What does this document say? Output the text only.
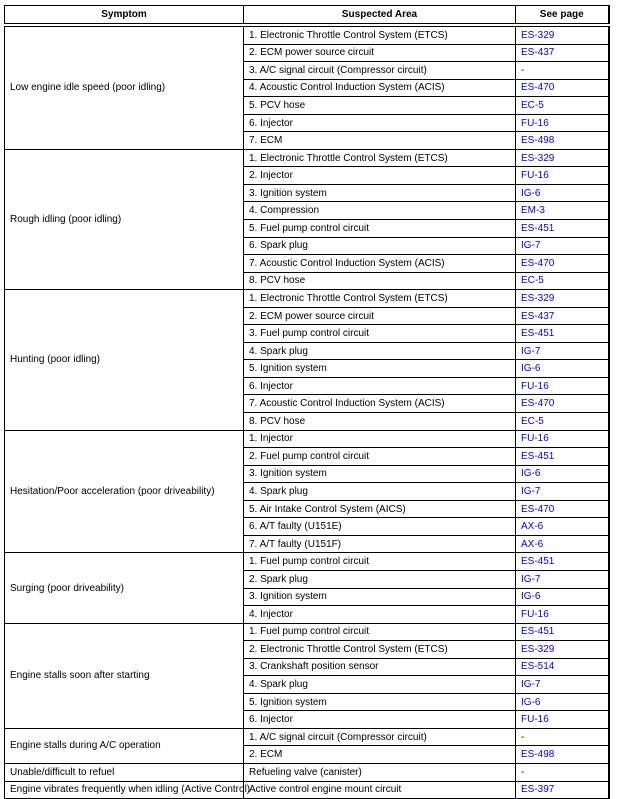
Symptom	Suspected Area	See page
Low engine idle speed (poor idling)	1. Electronic Throttle Control System (ETCS)	ES-329
	2. ECM power source circuit	ES-437
	3. A/C signal circuit (Compressor circuit)	-
	4. Acoustic Control Induction System (ACIS)	ES-470
	5. PCV hose	EC-5
	6. Injector	FU-16
	7. ECM	ES-498
Rough idling (poor idling)	1. Electronic Throttle Control System (ETCS)	ES-329
	2. Injector	FU-16
	3. Ignition system	IG-6
	4. Compression	EM-3
	5. Fuel pump control circuit	ES-451
	6. Spark plug	IG-7
	7. Acoustic Control Induction System (ACIS)	ES-470
	8. PCV hose	EC-5
Hunting (poor idling)	1. Electronic Throttle Control System (ETCS)	ES-329
	2. ECM power source circuit	ES-437
	3. Fuel pump control circuit	ES-451
	4. Spark plug	IG-7
	5. Ignition system	IG-6
	6. Injector	FU-16
	7. Acoustic Control Induction System (ACIS)	ES-470
	8. PCV hose	EC-5
Hesitation/Poor acceleration (poor driveability)	1. Injector	FU-16
	2. Fuel pump control circuit	ES-451
	3. Ignition system	IG-6
	4. Spark plug	IG-7
	5. Air Intake Control System (AICS)	ES-470
	6. A/T faulty (U151E)	AX-6
	7. A/T faulty (U151F)	AX-6
Surging (poor driveability)	1. Fuel pump control circuit	ES-451
	2. Spark plug	IG-7
	3. Ignition system	IG-6
	4. Injector	FU-16
Engine stalls soon after starting	1. Fuel pump control circuit	ES-451
	2. Electronic Throttle Control System (ETCS)	ES-329
	3. Crankshaft position sensor	ES-514
	4. Spark plug	IG-7
	5. Ignition system	IG-6
	6. Injector	FU-16
Engine stalls during A/C operation	1. A/C signal circuit (Compressor circuit)	-
	2. ECM	ES-498
Unable/difficult to refuel	Refueling valve (canister)	-
Engine vibrates frequently when idling (Active Control)	Active control engine mount circuit	ES-397
